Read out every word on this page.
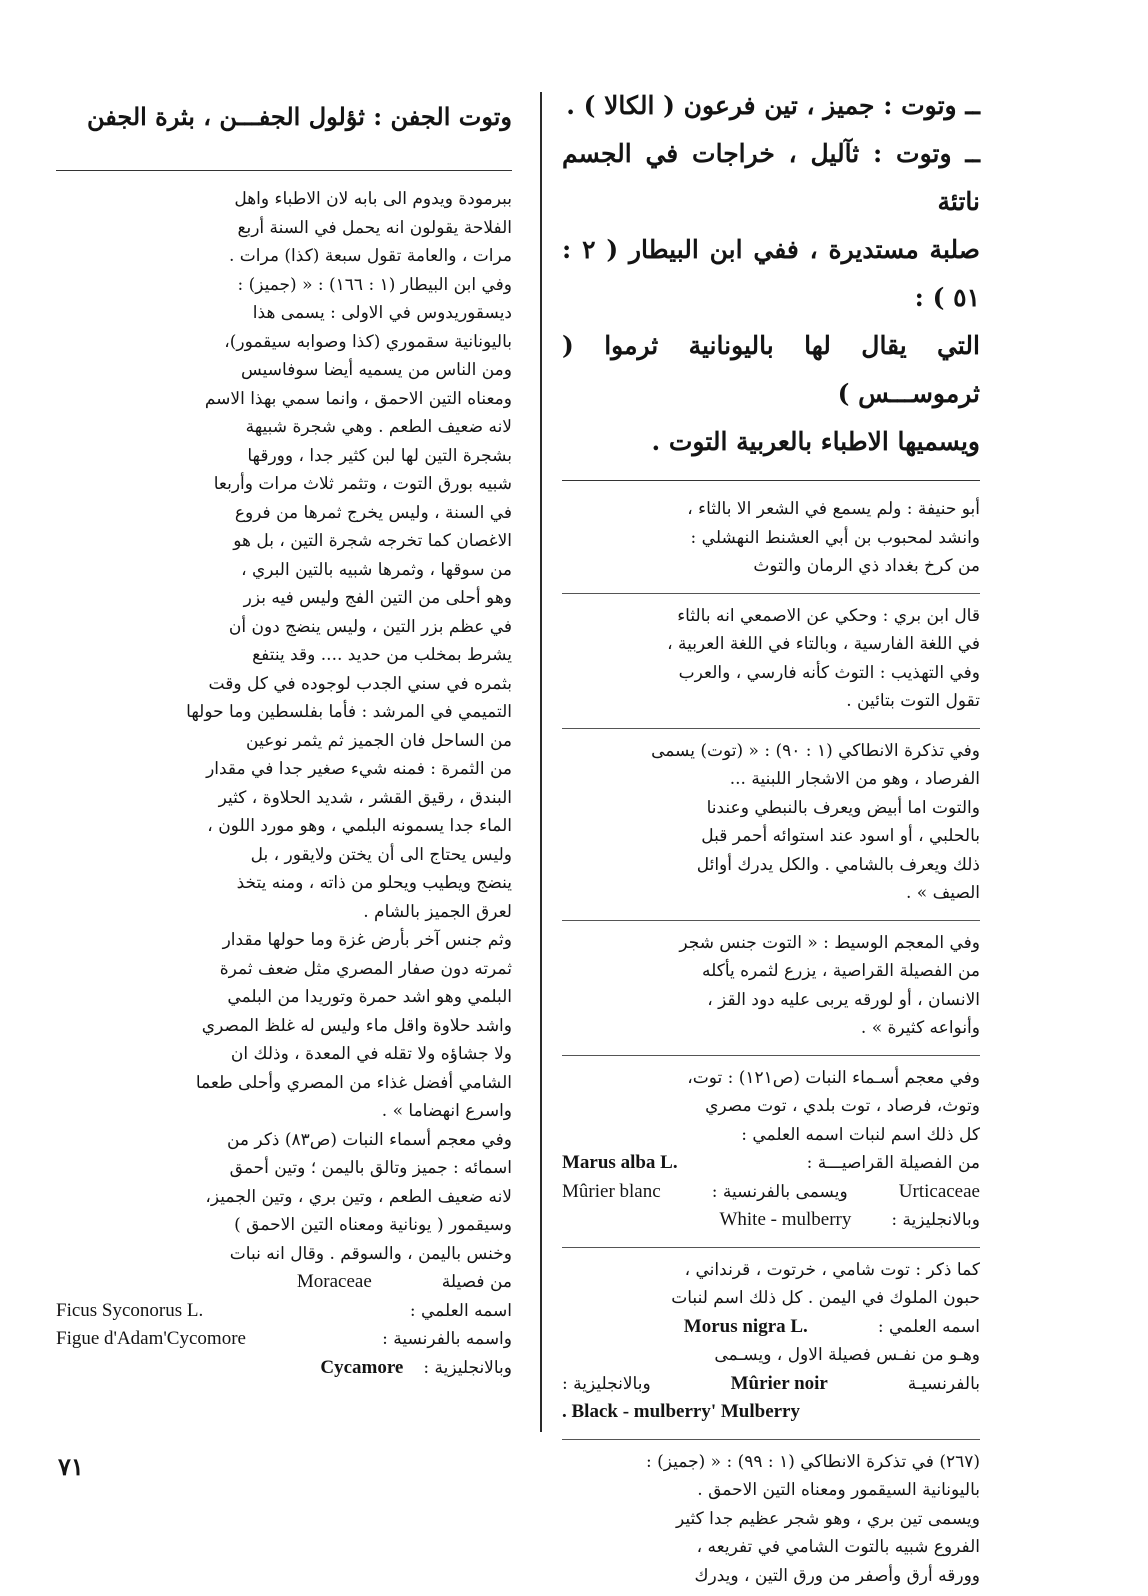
ــ وتوت : جميز ، تين فرعون ( الكالا ) .

ــ وتوت : ثآليل ، خراجات في الجسم ناتئة

صلبة مستديرة ، ففي ابن البيطار ( ٢ : ٥١ ) :

التي يقال لها باليونانية ثرموا ( ثرموســـس )

ويسميها الاطباء بالعربية التوت .

أبو حنيفة : ولم يسمع في الشعر الا بالثاء ،

وانشد لمحبوب بن أبي العشنط النهشلي :

من كرخ بغداد ذي الرمان والتوث

قال ابن بري : وحكي عن الاصمعي انه بالثاء

في اللغة الفارسية ، وبالتاء في اللغة العربية ،

وفي التهذيب : التوث كأنه فارسي ، والعرب

تقول التوت بتائين .

وفي تذكرة الانطاكي (١ : ٩٠) : « (توت) يسمى

الفرصاد ، وهو من الاشجار اللبنية ...

والتوت اما أبيض ويعرف بالنبطي وعندنا

بالحلبي ، أو اسود عند استوائه أحمر قبل

ذلك ويعرف بالشامي . والكل يدرك أوائل

الصيف » .

وفي المعجم الوسيط : « التوت جنس شجر

من الفصيلة القراصية ، يزرع لثمره يأكله

الانسان ، أو لورقه يربى عليه دود القز ،

وأنواعه كثيرة » .

وفي معجم أسـماء النبات (ص١٢١) : توت،

وتوث، فرصاد ، توت بلدي ، توت مصري

كل ذلك اسم لنبات اسمه العلمي :

من الفصيلة القراصيـــة :
Marus alba L.
Urticaceae
ويسمى بالفرنسية :
Mûrier blanc
وبالانجليزية :
White - mulberry

كما ذكر : توت شامي ، خرتوت ، قرنداني ،

حبون الملوك في اليمن . كل ذلك اسم لنبات

اسمه العلمي :
Morus nigra L.

وهـو من نفـس فصيلة الاول ، ويسـمى

بالفرنسيـة
Mûrier noir
وبالانجليزية :
. Black - mulberry' Mulberry

(٢٦٧) في تذكرة الانطاكي (١ : ٩٩) : « (جميز) :

باليونانية السيقمور ومعناه التين الاحمق .

ويسمى تين بري ، وهو شجر عظيم جدا كثير

الفروع شبيه بالتوت الشامي في تفريعه ،

وورقه أرق وأصفر من ورق التين ، ويدرك

وتوت الجفن : ثؤلول الجفـــن ، بثرة الجفن

ببرمودة ويدوم الى بابه لان الاطباء واهل

الفلاحة يقولون انه يحمل في السنة أربع

مرات ، والعامة تقول سبعة (كذا) مرات .

وفي ابن البيطار (١ : ١٦٦) : « (جميز) :

ديسقوريدوس في الاولى : يسمى هذا

باليونانية سقموري (كذا وصوابه سيقمور)،

ومن الناس من يسميه أيضا سوفاسيس

ومعناه التين الاحمق ، وانما سمي بهذا الاسم

لانه ضعيف الطعم . وهي شجرة شبيهة

بشجرة التين لها لبن كثير جدا ، وورقها

شبيه بورق التوت ، وتثمر ثلاث مرات وأربعا

في السنة ، وليس يخرج ثمرها من فروع

الاغصان كما تخرجه شجرة التين ، بل هو

من سوقها ، وثمرها شبيه بالتين البري ،

وهو أحلى من التين الفج وليس فيه بزر

في عظم بزر التين ، وليس ينضج دون أن

يشرط بمخلب من حديد .... وقد ينتفع

بثمره في سني الجدب لوجوده في كل وقت

التميمي في المرشد : فأما بفلسطين وما حولها

من الساحل فان الجميز ثم يثمر نوعين

من الثمرة : فمنه شيء صغير جدا في مقدار

البندق ، رقيق القشر ، شديد الحلاوة ، كثير

الماء جدا يسمونه البلمي ، وهو مورد اللون ،

وليس يحتاج الى أن يختن ولايقور ، بل

ينضج ويطيب ويحلو من ذاته ، ومنه يتخذ

لعرق الجميز بالشام .

وثم جنس آخر بأرض غزة وما حولها مقدار

ثمرته دون صفار المصري مثل ضعف ثمرة

البلمي وهو اشد حمرة وتوريدا من البلمي

واشد حلاوة واقل ماء وليس له غلظ المصري

ولا جشاؤه ولا تقله في المعدة ، وذلك ان

الشامي أفضل غذاء من المصري وأحلى طعما

واسرع انهضاما » .

وفي معجم أسماء النبات (ص٨٣) ذكر من

اسمائه : جميز وتالق باليمن ؛ وتين أحمق

لانه ضعيف الطعم ، وتين بري ، وتين الجميز،

وسيقمور ( يونانية ومعناه التين الاحمق )

وخنس باليمن ، والسوقم . وقال انه نبات

من فصيلة
Moraceae
اسمه العلمي :
Ficus Syconorus L.
واسمه بالفرنسية :
Figue d'Adam'Cycomore
وبالانجليزية :
Cycamore
٧١
